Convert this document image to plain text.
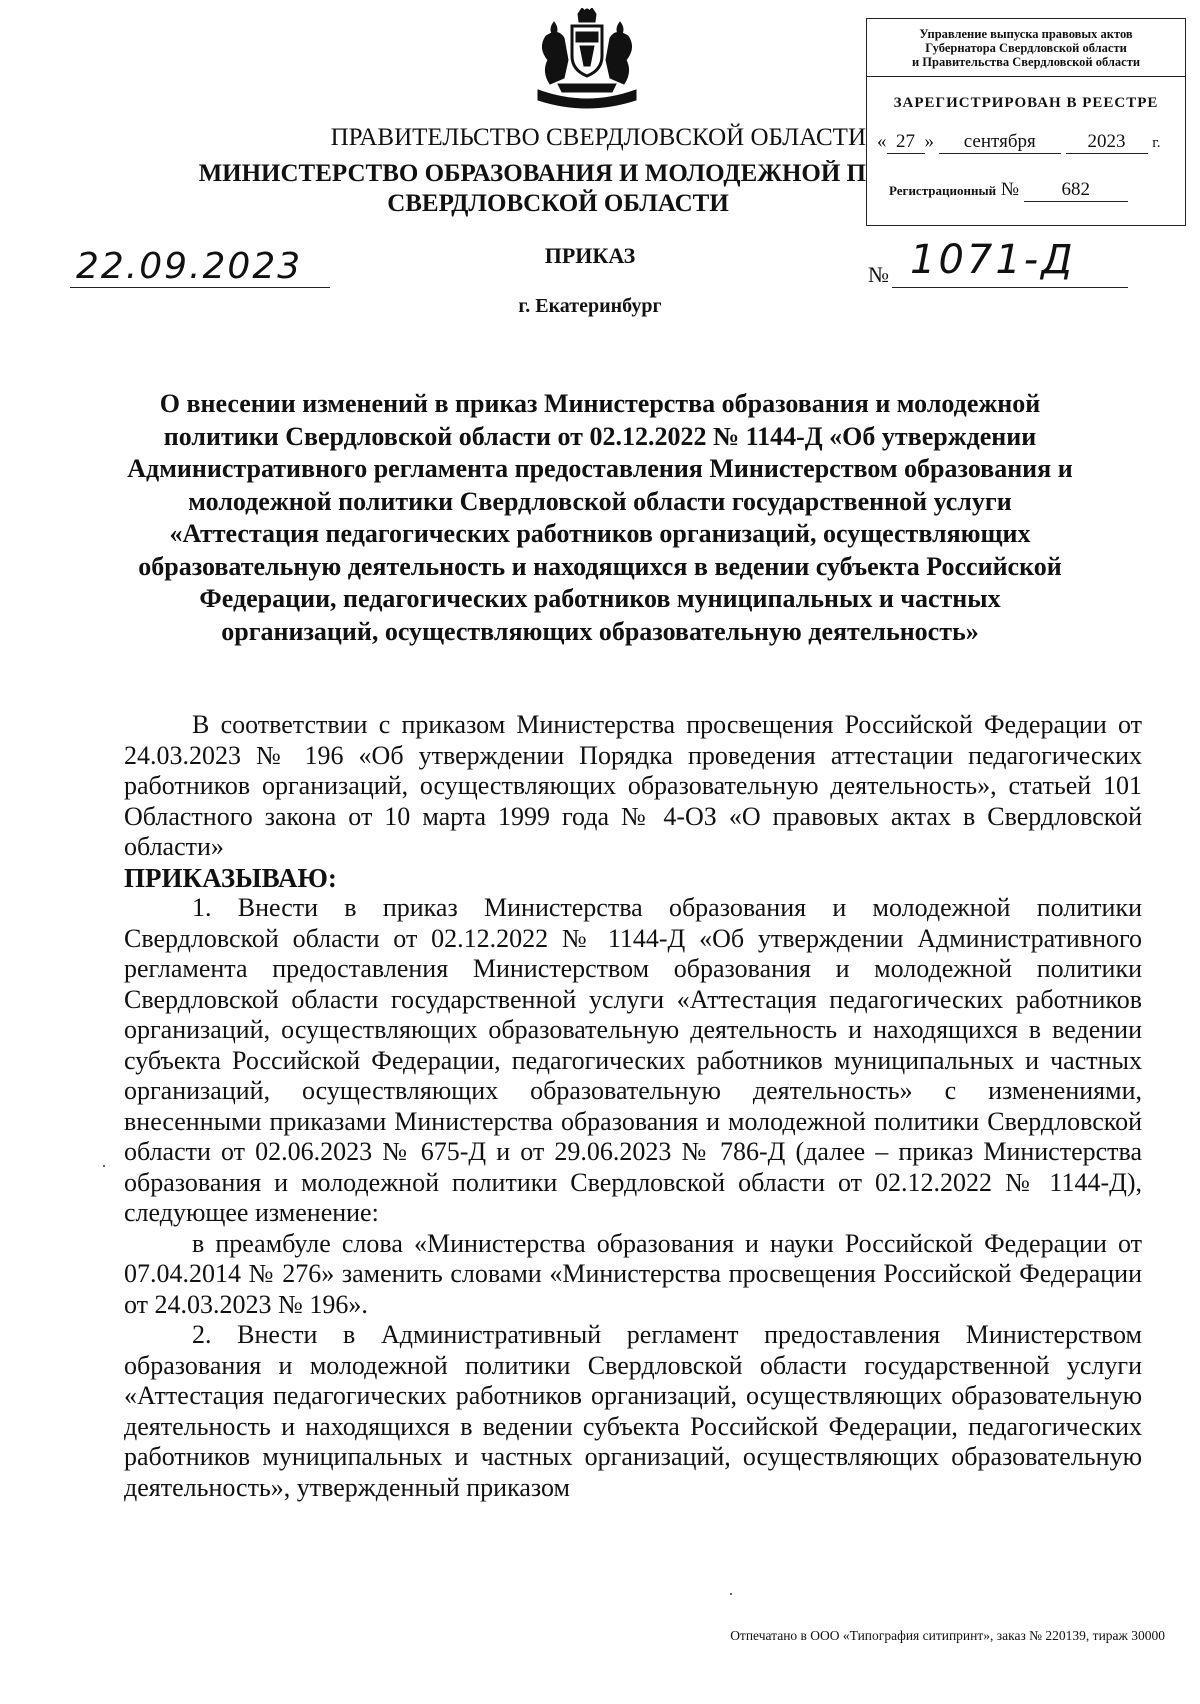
Управление выпуска правовых актов
Губернатора Свердловской области
и Правительства Свердловской области
ЗАРЕГИСТРИРОВАН В РЕЕСТРЕ
« 27 » сентября	2023 г.
Регистрационный № 682
ПРАВИТЕЛЬСТВО СВЕРДЛОВСКОЙ ОБЛАСТИ
МИНИСТЕРСТВО ОБРАЗОВАНИЯ И МОЛОДЕЖНОЙ П
СВЕРДЛОВСКОЙ ОБЛАСТИ
22.09.2023	ПРИКАЗ
г. Екатеринбург
№ 1071-Д
О внесении изменений в приказ Министерства образования и молодежной политики Свердловской области от 02.12.2022 № 1144-Д «Об утверждении Административного регламента предоставления Министерством образования и молодежной политики Свердловской области государственной услуги «Аттестация педагогических работников организаций, осуществляющих образовательную деятельность и находящихся в ведении субъекта Российской Федерации, педагогических работников муниципальных и частных организаций, осуществляющих образовательную деятельность»

В соответствии с приказом Министерства просвещения Российской Федерации от 24.03.2023 № 196 «Об утверждении Порядка проведения аттестации педагогических работников организаций, осуществляющих образовательную деятельность», статьей 101 Областного закона от 10 марта 1999 года № 4-ОЗ «О правовых актах в Свердловской области»

ПРИКАЗЫВАЮ:

1. Внести в приказ Министерства образования и молодежной политики Свердловской области от 02.12.2022 № 1144-Д «Об утверждении Административного регламента предоставления Министерством образования и молодежной политики Свердловской области государственной услуги «Аттестация педагогических работников организаций, осуществляющих образовательную деятельность и находящихся в ведении субъекта Российской Федерации, педагогических работников муниципальных и частных организаций, осуществляющих образовательную деятельность» с изменениями, внесенными приказами Министерства образования и молодежной политики Свердловской области от 02.06.2023 № 675-Д и от 29.06.2023 № 786-Д (далее – приказ Министерства образования и молодежной политики Свердловской области от 02.12.2022 № 1144-Д), следующее изменение:

в преамбуле слова «Министерства образования и науки Российской Федерации от 07.04.2014 № 276» заменить словами «Министерства просвещения Российской Федерации от 24.03.2023 № 196».

2. Внести в Административный регламент предоставления Министерством образования и молодежной политики Свердловской области государственной услуги «Аттестация педагогических работников организаций, осуществляющих образовательную деятельность и находящихся в ведении субъекта Российской Федерации, педагогических работников муниципальных и частных организаций, осуществляющих образовательную деятельность», утвержденный приказом

Отпечатано в ООО «Типография ситипринт», заказ № 220139, тираж 30000
